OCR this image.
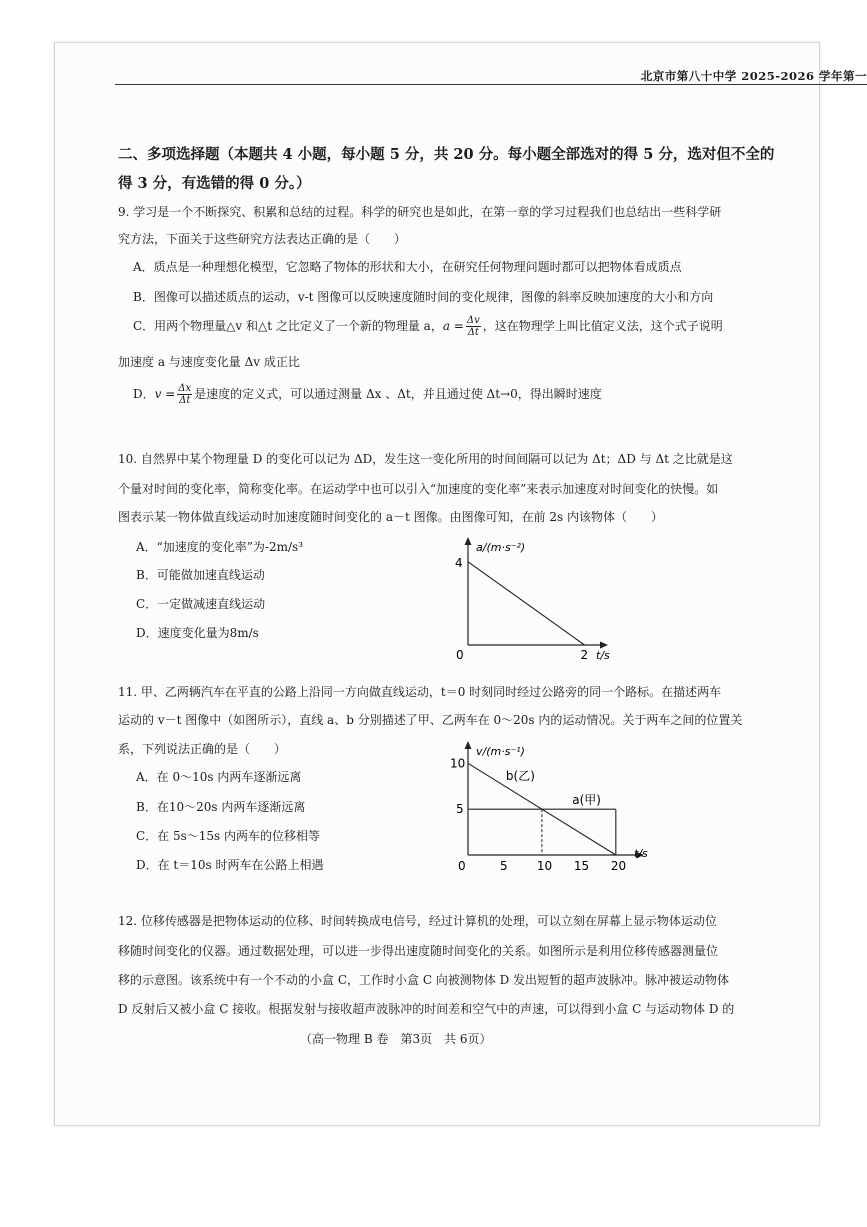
北京市第八十中学 2025-2026 学年第一
二、多项选择题（本题共 4 小题，每小题 5 分，共 20 分。每小题全部选对的得 5 分，选对但不全的
得 3 分，有选错的得 0 分。）
9. 学习是一个不断探究、积累和总结的过程。科学的研究也是如此，在第一章的学习过程我们也总结出一些科学研
究方法，下面关于这些研究方法表达正确的是（　　）
A．质点是一种理想化模型，它忽略了物体的形状和大小，在研究任何物理问题时都可以把物体看成质点
B．图像可以描述质点的运动，v-t 图像可以反映速度随时间的变化规律，图像的斜率反映加速度的大小和方向
C．用两个物理量△v 和△t 之比定义了一个新的物理量 a，$a = \frac{\Delta v}{\Delta t}$ ，这在物理学上叫比值定义法，这个式子说明
加速度 a 与速度变化量 Δv 成正比
D．$v = \frac{\Delta x}{\Delta t}$ 是速度的定义式，可以通过测量 Δx 、Δt，并且通过使 Δt→0，得出瞬时速度
10. 自然界中某个物理量 D 的变化可以记为 ΔD，发生这一变化所用的时间间隔可以记为 Δt；ΔD 与 Δt 之比就是这
个量对时间的变化率，简称变化率。在运动学中也可以引入“加速度的变化率”来表示加速度对时间变化的快慢。如
图表示某一物体做直线运动时加速度随时间变化的 a－t 图像。由图像可知，在前 2s 内该物体（　　）
A．“加速度的变化率”为-2m/s³
B．可能做加速直线运动
C．一定做减速直线运动
D．速度变化量为8m/s
0	2
4
a/(m·s⁻²)
t/s
11. 甲、乙两辆汽车在平直的公路上沿同一方向做直线运动，t＝0 时刻同时经过公路旁的同一个路标。在描述两车
运动的 v－t 图像中（如图所示），直线 a、b 分别描述了甲、乙两车在 0～20s 内的运动情况。关于两车之间的位置关
系，下列说法正确的是（　　）
A．在 0～10s 内两车逐渐远离
B．在10～20s 内两车逐渐远离
C．在 5s～15s 内两车的位移相等
D．在 t＝10s 时两车在公路上相遇
b(乙)
a(甲)
0	5 10 15 20
10
5
v/(m·s⁻¹)
t/s
12. 位移传感器是把物体运动的位移、时间转换成电信号，经过计算机的处理，可以立刻在屏幕上显示物体运动位
移随时间变化的仪器。通过数据处理，可以进一步得出速度随时间变化的关系。如图所示是利用位移传感器测量位
移的示意图。该系统中有一个不动的小盒 C，工作时小盒 C 向被测物体 D 发出短暂的超声波脉冲。脉冲被运动物体
D 反射后又被小盒 C 接收。根据发射与接收超声波脉冲的时间差和空气中的声速，可以得到小盒 C 与运动物体 D 的
（高一物理 B 卷　第3页　共 6页）
